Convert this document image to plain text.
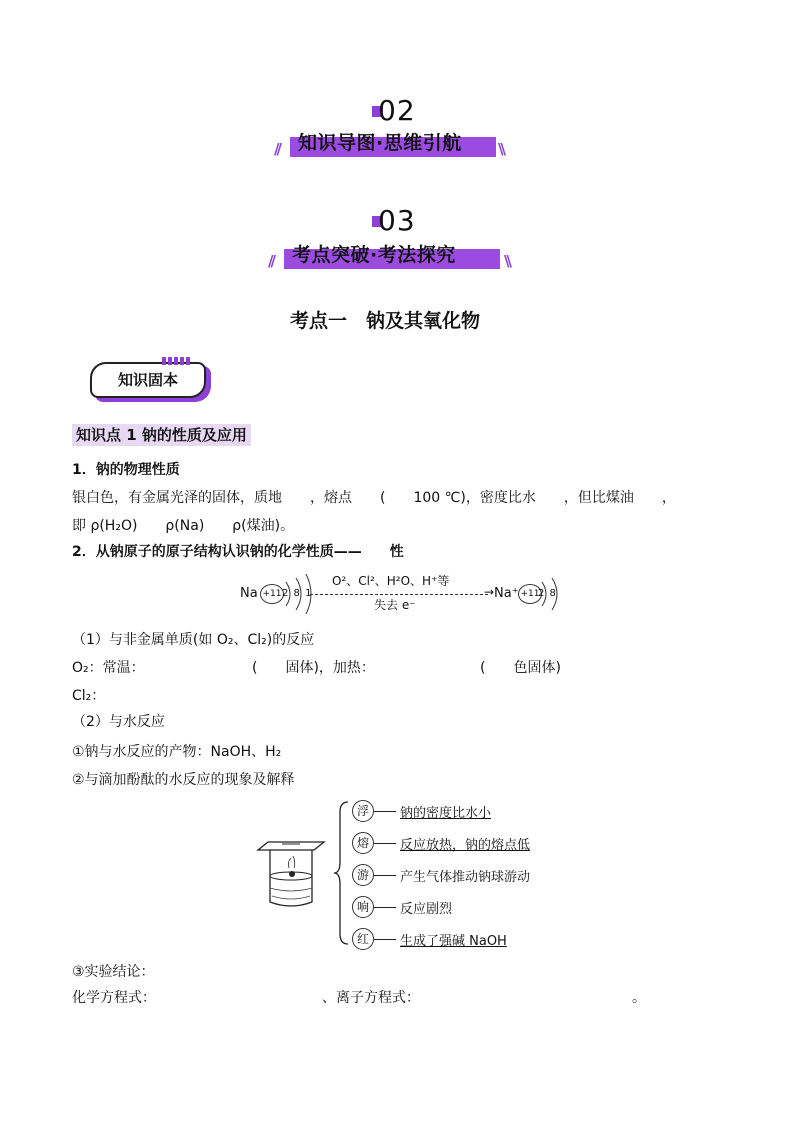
02
// 知识导图·思维引航 \\
03
// 考点突破·考法探究	\\
考点一　钠及其氧化物
知识固本
知识点 1 钠的性质及应用
1．钠的物理性质
银白色，有金属光泽的固体，质地　　，熔点　　(　　100 ℃)，密度比水　　，但比煤油　　，
即 ρ(H₂O)　　ρ(Na)　　ρ(煤油)。
2．从钠原子的原子结构认识钠的化学性质——　　性
Na +11 2 8 1
O²、Cl²、H²O、H⁺等
→
失去 e⁻
Na⁺ +11
2 8
（1）与非金属单质(如 O₂、Cl₂)的反应
O₂：常温：	(　　固体)，加热：	(　　色固体)
Cl₂：
（2）与水反应
①钠与水反应的产物：NaOH、H₂
②与滴加酚酞的水反应的现象及解释
浮	钠的密度比水小
熔	反应放热，钠的熔点低
游	产生气体推动钠球游动
响	反应剧烈
红	生成了强碱 NaOH
③实验结论：
化学方程式：	、离子方程式：	。
